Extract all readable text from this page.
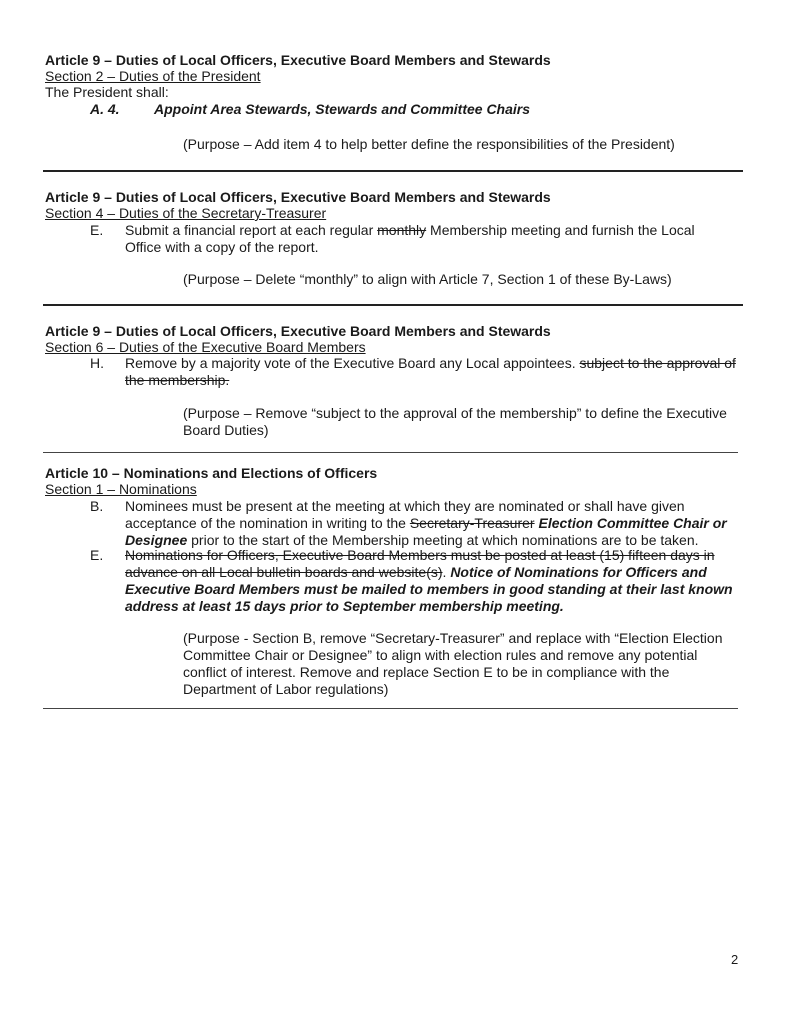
Article 9 – Duties of Local Officers, Executive Board Members and Stewards
Section 2 – Duties of the President
The President shall:
A. 4. Appoint Area Stewards, Stewards and Committee Chairs
(Purpose – Add item 4 to help better define the responsibilities of the President)
Article 9 – Duties of Local Officers, Executive Board Members and Stewards
Section 4 – Duties of the Secretary-Treasurer
E. Submit a financial report at each regular monthly Membership meeting and furnish the Local Office with a copy of the report.
(Purpose – Delete “monthly” to align with Article 7, Section 1 of these By-Laws)
Article 9 – Duties of Local Officers, Executive Board Members and Stewards
Section 6 – Duties of the Executive Board Members
H. Remove by a majority vote of the Executive Board any Local appointees. subject to the approval of the membership.
(Purpose – Remove “subject to the approval of the membership” to define the Executive Board Duties)
Article 10 – Nominations and Elections of Officers
Section 1 – Nominations
B. Nominees must be present at the meeting at which they are nominated or shall have given acceptance of the nomination in writing to the Secretary-Treasurer Election Committee Chair or Designee prior to the start of the Membership meeting at which nominations are to be taken.
E. Nominations for Officers, Executive Board Members must be posted at least (15) fifteen days in advance on all Local bulletin boards and website(s). Notice of Nominations for Officers and Executive Board Members must be mailed to members in good standing at their last known address at least 15 days prior to September membership meeting.
(Purpose - Section B, remove “Secretary-Treasurer” and replace with “Election Election Committee Chair or Designee” to align with election rules and remove any potential conflict of interest. Remove and replace Section E to be in compliance with the Department of Labor regulations)
2
